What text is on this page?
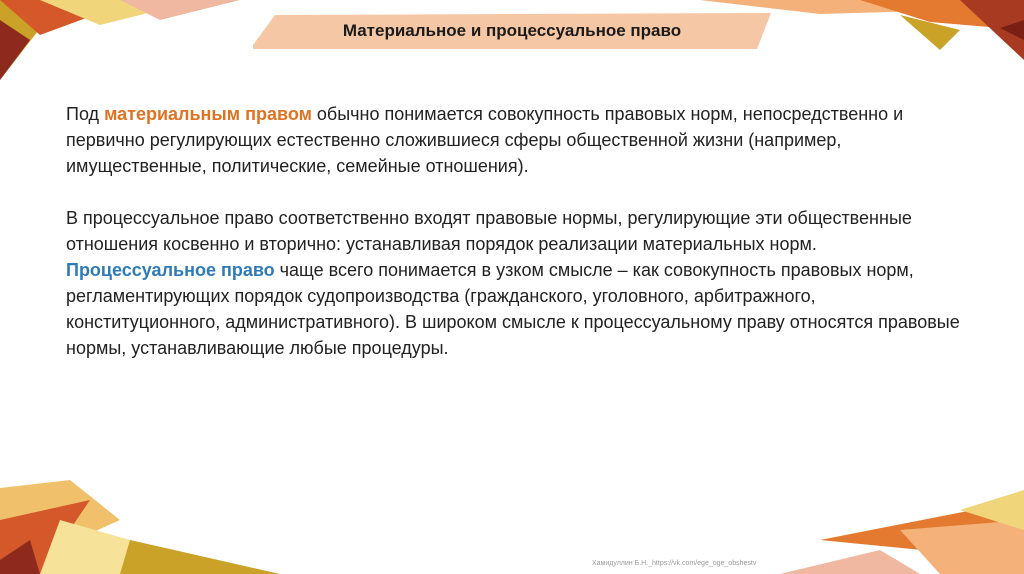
Материальное и процессуальное право

Под материальным правом обычно понимается совокупность правовых норм, непосредственно и первично регулирующих естественно сложившиеся сферы общественной жизни (например, имущественные, политические, семейные отношения).

В процессуальное право соответственно входят правовые нормы, регулирующие эти общественные отношения косвенно и вторично: устанавливая порядок реализации материальных норм.

Процессуальное право чаще всего понимается в узком смысле – как совокупность правовых норм, регламентирующих порядок судопроизводства (гражданского, уголовного, арбитражного, конституционного, административного). В широком смысле к процессуальному праву относятся правовые нормы, устанавливающие любые процедуры.

Хамидуллин Б.Н._https://vk.com/ege_oge_obshestv
